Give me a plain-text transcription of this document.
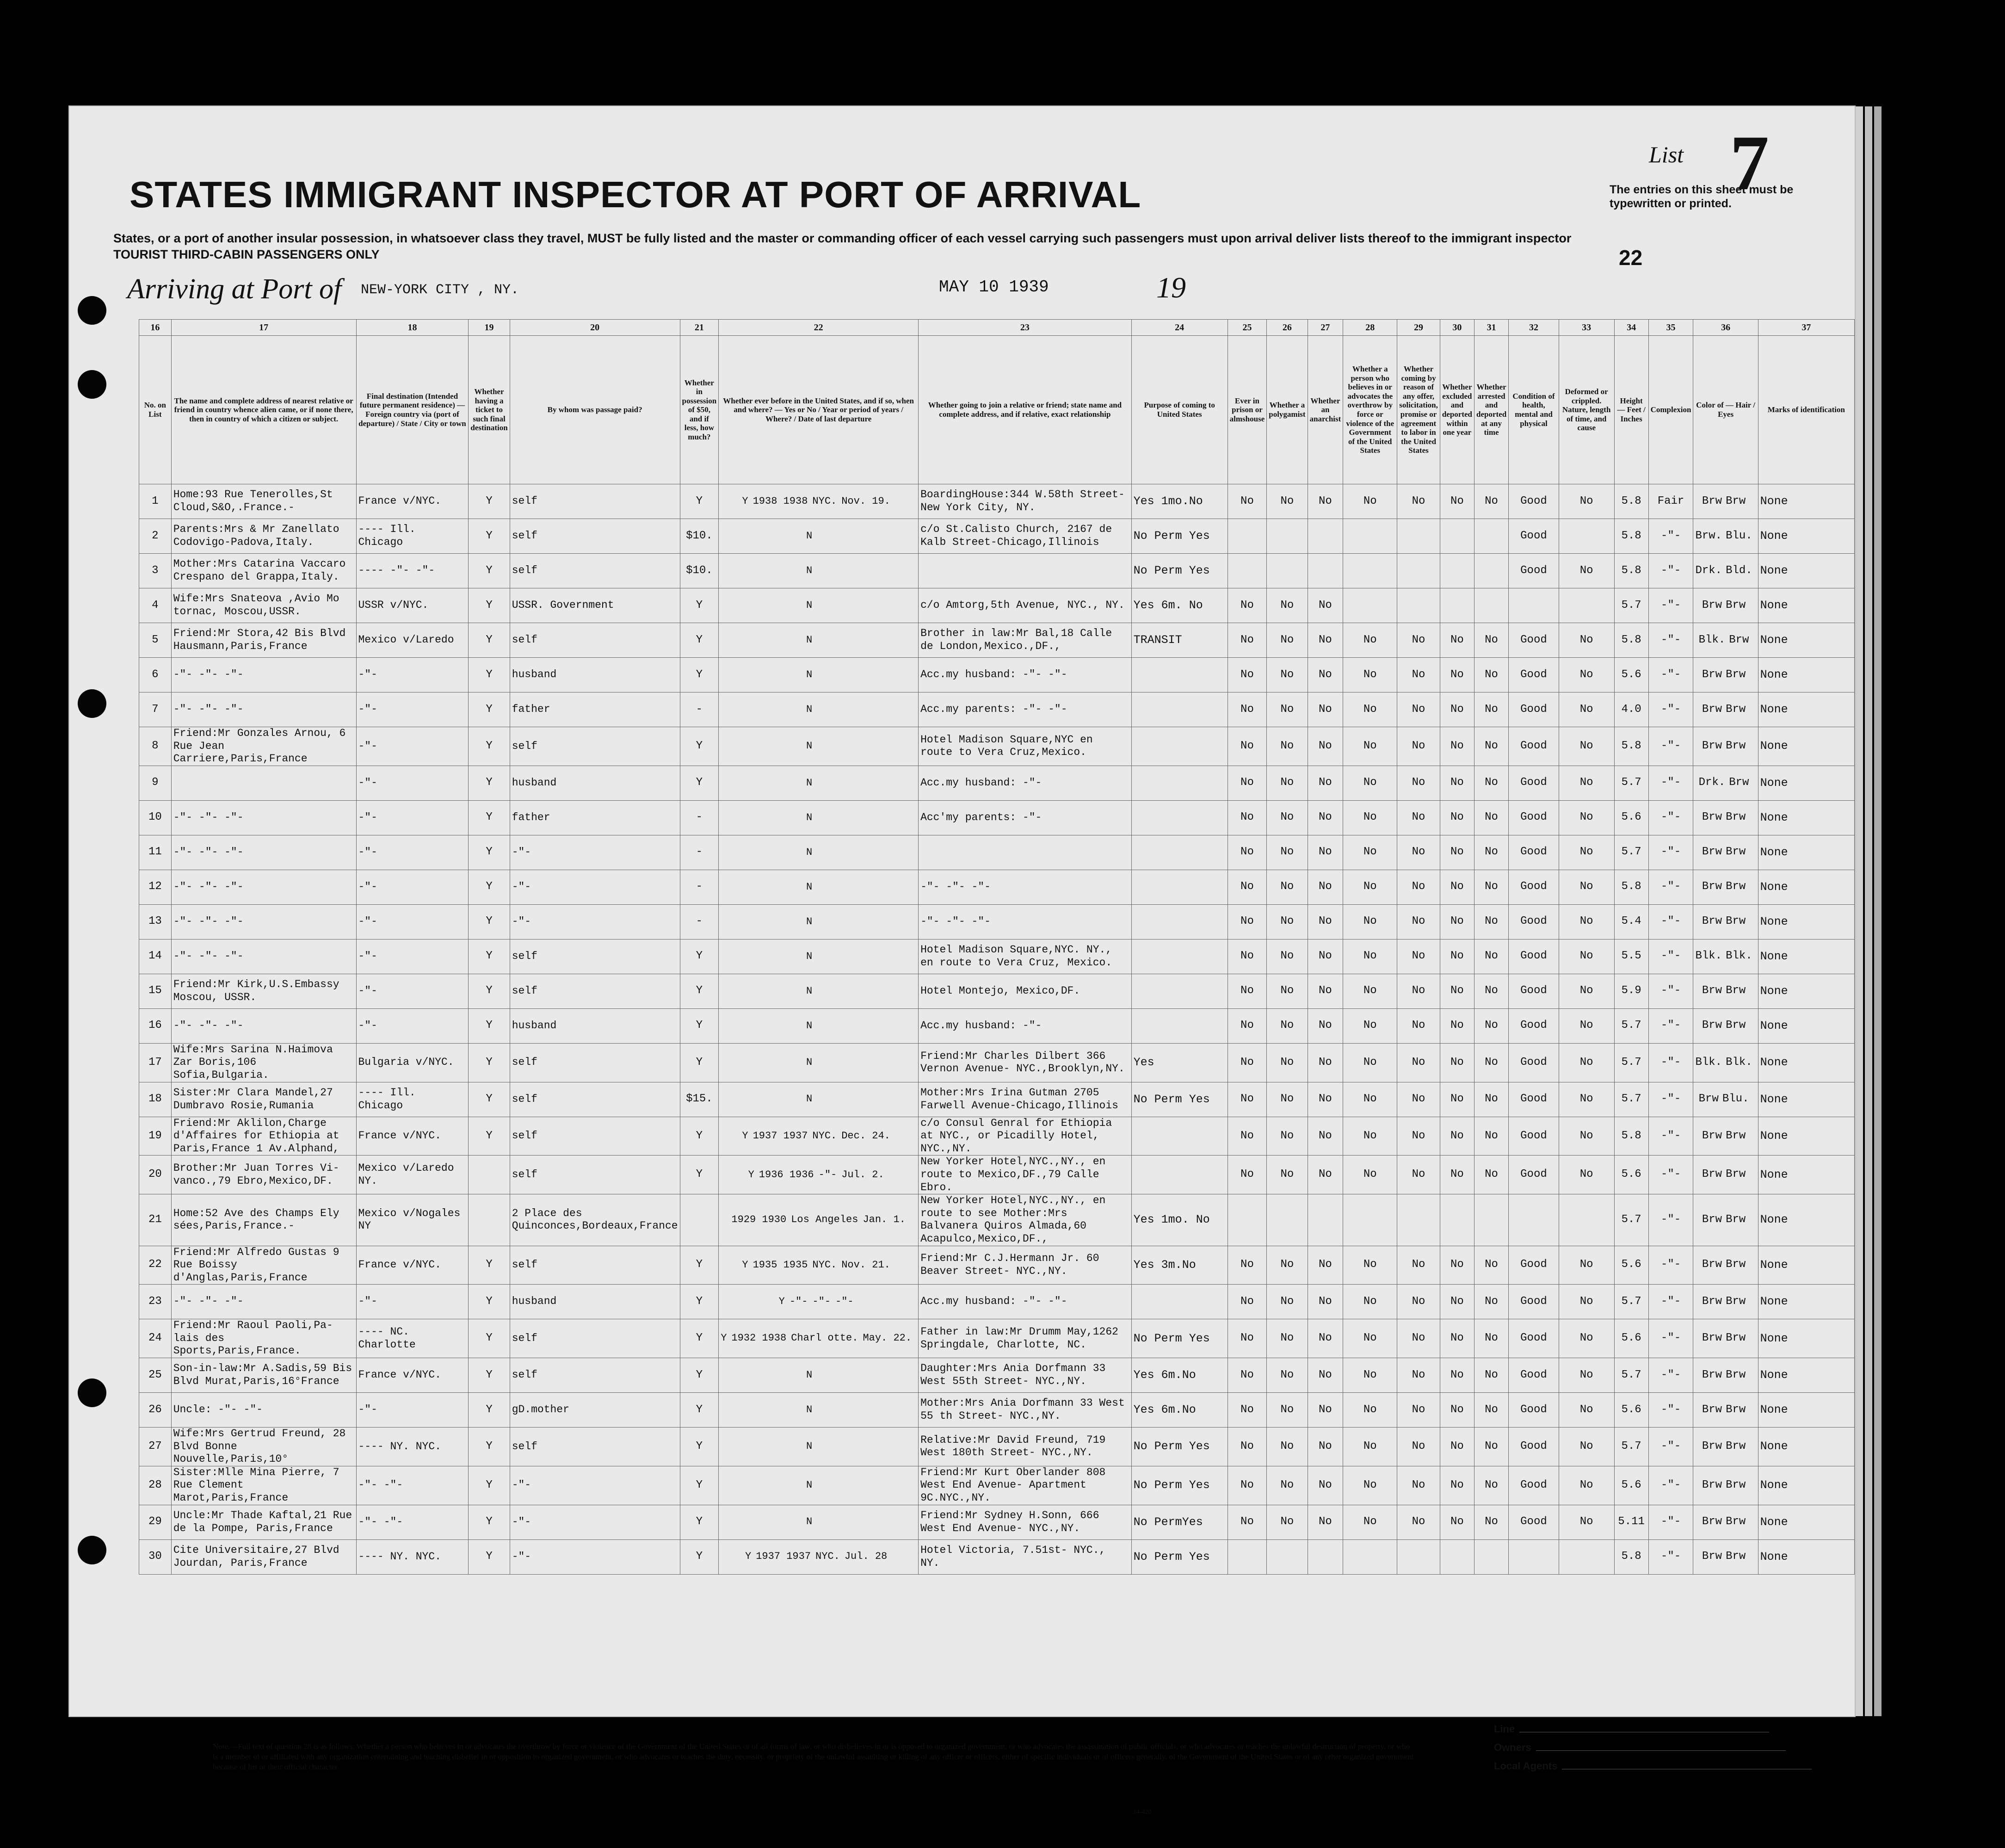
STATES IMMIGRANT INSPECTOR AT PORT OF ARRIVAL
States, or a port of another insular possession, in whatsoever class they travel, MUST be fully listed and the master or commanding officer of each vessel carrying such passengers must upon arrival deliver lists thereof to the immigrant inspector
TOURIST THIRD-CABIN PASSENGERS ONLY
Arriving at Port of NEW-YORK CITY , NY.	MAY 10 1939	19
List 7
The entries on this sheet must be typewritten or printed.
22
16	17	18	19	20	21	22	23	24	25	26	27	28	29	30	31	32	33	34	35	36	37
No. on List	The name and complete address of nearest relative or friend in country whence alien came, or if none there, then in country of which a citizen or subject.	Final destination (Intended future permanent residence) — Foreign country via (port of departure) / State / City or town	Whether having a ticket to such final destination	By whom was passage paid?	Whether in possession of $50, and if less, how much?	Whether ever before in the United States, and if so, when and where? — Yes or No / Year or period of years / Where? / Date of last departure	Whether going to join a relative or friend; state name and complete address, and if relative, exact relationship	Purpose of coming to United States	Ever in prison or almshouse	Whether a polygamist	Whether an anarchist	Whether a person who believes in or advocates the overthrow by force or violence of the Government of the United States	Whether coming by reason of any offer, solicitation, promise or agreement to labor in the United States	Whether excluded and deported within one year	Whether arrested and deported at any time	Condition of health, mental and physical	Deformed or crippled. Nature, length of time, and cause	Height — Feet / Inches	Complexion	Color of — Hair / Eyes	Marks of identification
1	Home:93 Rue Tenerolles,St Cloud,S&O,.France.-	France v/NYC.	Y	self	Y	Y 1938 1938 NYC. Nov. 19.	BoardingHouse:344 W.58th Street- New York City, NY.	Yes 1mo.No	No	No	No	No	No	No	No	Good	No	5.8	Fair	Brw Brw	None
2	Parents:Mrs & Mr Zanellato Codovigo-Padova,Italy.	---- Ill. Chicago	Y	self	$10.	N	c/o St.Calisto Church, 2167 de Kalb Street-Chicago,Illinois	No Perm Yes								Good		5.8	-"-	Brw. Blu.	None
3	Mother:Mrs Catarina Vaccaro Crespano del Grappa,Italy.	---- -"- -"-	Y	self	$10.	N		No Perm Yes								Good	No	5.8	-"-	Drk. Bld.	None
4	Wife:Mrs Snateova ,Avio Mo tornac, Moscou,USSR.	USSR v/NYC.	Y	USSR. Government	Y	N	c/o Amtorg,5th Avenue, NYC., NY.	Yes 6m. No	No	No	No							5.7	-"-	Brw Brw	None
5	Friend:Mr Stora,42 Bis Blvd Hausmann,Paris,France	Mexico v/Laredo	Y	self	Y	N	Brother in law:Mr Bal,18 Calle de London,Mexico.,DF.,	TRANSIT	No	No	No	No	No	No	No	Good	No	5.8	-"-	Blk. Brw	None
6	-"- -"- -"-	-"-	Y	husband	Y	N	Acc.my husband: -"- -"-		No	No	No	No	No	No	No	Good	No	5.6	-"-	Brw Brw	None
7	-"- -"- -"-	-"-	Y	father	-	N	Acc.my parents: -"- -"-		No	No	No	No	No	No	No	Good	No	4.0	-"-	Brw Brw	None
8	Friend:Mr Gonzales Arnou, 6 Rue Jean Carriere,Paris,France	-"-	Y	self	Y	N	Hotel Madison Square,NYC en route to Vera Cruz,Mexico.		No	No	No	No	No	No	No	Good	No	5.8	-"-	Brw Brw	None
9		-"-	Y	husband	Y	N	Acc.my husband: -"-		No	No	No	No	No	No	No	Good	No	5.7	-"-	Drk. Brw	None
10	-"- -"- -"-	-"-	Y	father	-	N	Acc'my parents: -"-		No	No	No	No	No	No	No	Good	No	5.6	-"-	Brw Brw	None
11	-"- -"- -"-	-"-	Y	-"-	-	N			No	No	No	No	No	No	No	Good	No	5.7	-"-	Brw Brw	None
12	-"- -"- -"-	-"-	Y	-"-	-	N	-"- -"- -"-		No	No	No	No	No	No	No	Good	No	5.8	-"-	Brw Brw	None
13	-"- -"- -"-	-"-	Y	-"-	-	N	-"- -"- -"-		No	No	No	No	No	No	No	Good	No	5.4	-"-	Brw Brw	None
14	-"- -"- -"-	-"-	Y	self	Y	N	Hotel Madison Square,NYC. NY., en route to Vera Cruz, Mexico.		No	No	No	No	No	No	No	Good	No	5.5	-"-	Blk. Blk.	None
15	Friend:Mr Kirk,U.S.Embassy Moscou, USSR.	-"-	Y	self	Y	N	Hotel Montejo, Mexico,DF.		No	No	No	No	No	No	No	Good	No	5.9	-"-	Brw Brw	None
16	-"- -"- -"-	-"-	Y	husband	Y	N	Acc.my husband: -"-		No	No	No	No	No	No	No	Good	No	5.7	-"-	Brw Brw	None
17	Wife:Mrs Sarina N.Haimova Zar Boris,106 Sofia,Bulgaria.	Bulgaria v/NYC.	Y	self	Y	N	Friend:Mr Charles Dilbert 366 Vernon Avenue- NYC.,Brooklyn,NY.	Yes	No	No	No	No	No	No	No	Good	No	5.7	-"-	Blk. Blk.	None
18	Sister:Mr Clara Mandel,27 Dumbravo Rosie,Rumania	---- Ill. Chicago	Y	self	$15.	N	Mother:Mrs Irina Gutman 2705 Farwell Avenue-Chicago,Illinois	No Perm Yes	No	No	No	No	No	No	No	Good	No	5.7	-"-	Brw Blu.	None
19	Friend:Mr Aklilon,Charge d'Affaires for Ethiopia at Paris,France 1 Av.Alphand,	France v/NYC.	Y	self	Y	Y 1937 1937 NYC. Dec. 24.	c/o Consul Genral for Ethiopia at NYC., or Picadilly Hotel, NYC.,NY.		No	No	No	No	No	No	No	Good	No	5.8	-"-	Brw Brw	None
20	Brother:Mr Juan Torres Vi- vanco.,79 Ebro,Mexico,DF.	Mexico v/Laredo NY.		self	Y	Y 1936 1936 -"- Jul. 2.	New Yorker Hotel,NYC.,NY., en route to Mexico,DF.,79 Calle Ebro.		No	No	No	No	No	No	No	Good	No	5.6	-"-	Brw Brw	None
21	Home:52 Ave des Champs Ely sées,Paris,France.-	Mexico v/Nogales NY		2 Place des Quinconces,Bordeaux,France		1929 1930 Los Angeles Jan. 1.	New Yorker Hotel,NYC.,NY., en route to see Mother:Mrs Balvanera Quiros Almada,60 Acapulco,Mexico,DF.,	Yes 1mo. No										5.7	-"-	Brw Brw	None
22	Friend:Mr Alfredo Gustas 9 Rue Boissy d'Anglas,Paris,France	France v/NYC.	Y	self	Y	Y 1935 1935 NYC. Nov. 21.	Friend:Mr C.J.Hermann Jr. 60 Beaver Street- NYC.,NY.	Yes 3m.No	No	No	No	No	No	No	No	Good	No	5.6	-"-	Brw Brw	None
23	-"- -"- -"-	-"-	Y	husband	Y	Y -"- -"- -"-	Acc.my husband: -"- -"-		No	No	No	No	No	No	No	Good	No	5.7	-"-	Brw Brw	None
24	Friend:Mr Raoul Paoli,Pa- lais des Sports,Paris,France.	---- NC. Charlotte	Y	self	Y	Y 1932 1938 Charl otte. May. 22.	Father in law:Mr Drumm May,1262 Springdale, Charlotte, NC.	No Perm Yes	No	No	No	No	No	No	No	Good	No	5.6	-"-	Brw Brw	None
25	Son-in-law:Mr A.Sadis,59 Bis Blvd Murat,Paris,16°France	France v/NYC.	Y	self	Y	N	Daughter:Mrs Ania Dorfmann 33 West 55th Street- NYC.,NY.	Yes 6m.No	No	No	No	No	No	No	No	Good	No	5.7	-"-	Brw Brw	None
26	Uncle: -"- -"-	-"-	Y	gD.mother	Y	N	Mother:Mrs Ania Dorfmann 33 West 55 th Street- NYC.,NY.	Yes 6m.No	No	No	No	No	No	No	No	Good	No	5.6	-"-	Brw Brw	None
27	Wife:Mrs Gertrud Freund, 28 Blvd Bonne Nouvelle,Paris,10°	---- NY. NYC.	Y	self	Y	N	Relative:Mr David Freund, 719 West 180th Street- NYC.,NY.	No Perm Yes	No	No	No	No	No	No	No	Good	No	5.7	-"-	Brw Brw	None
28	Sister:Mlle Mina Pierre, 7 Rue Clement Marot,Paris,France	-"- -"-	Y	-"-	Y	N	Friend:Mr Kurt Oberlander 808 West End Avenue- Apartment 9C.NYC.,NY.	No Perm Yes	No	No	No	No	No	No	No	Good	No	5.6	-"-	Brw Brw	None
29	Uncle:Mr Thade Kaftal,21 Rue de la Pompe, Paris,France	-"- -"-	Y	-"-	Y	N	Friend:Mr Sydney H.Sonn, 666 West End Avenue- NYC.,NY.	No PermYes	No	No	No	No	No	No	No	Good	No	5.11	-"-	Brw Brw	None
30	Cite Universitaire,27 Blvd Jourdan, Paris,France	---- NY. NYC.	Y	-"-	Y	Y 1937 1937 NYC. Jul. 28	Hotel Victoria, 7.51st- NYC., NY.	No Perm Yes										5.8	-"-	Brw Brw	None
Note.—Full text of question 28 is as follows: Whether a person who believes in or advocates the overthrow by force or violence of the Government of the United States or of all forms of law, or who disbelieves in or is opposed to organized government, or who advocates the assassination of public officials, or who advocates or teaches the unlawful destruction of property, or who is a member of or affiliated with any organization entertaining and teaching disbelief in or opposition to organized government, or who advocates or teaches the duty, necessity, or propriety of the unlawful assaulting or killing of any officer or officers, either of specific individuals or of officers generally, of the Government of the United States or of any other organized government because of his or their official character.
14-420
Line
Owners
Local Agents
